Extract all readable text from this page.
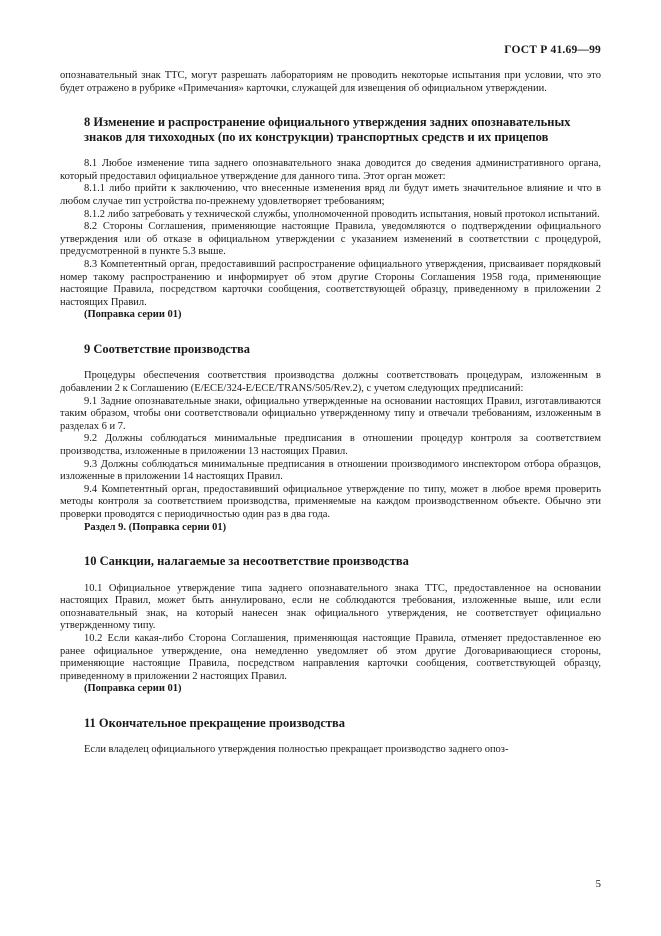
ГОСТ Р 41.69—99

опознавательный знак ТТС, могут разрешать лабораториям не проводить некоторые испытания при условии, что это будет отражено в рубрике «Примечания» карточки, служащей для извещения об официальном утверждении.

8 Изменение и распространение официального утверждения задних опознавательных знаков для тихоходных (по их конструкции) транспортных средств и их прицепов

8.1 Любое изменение типа заднего опознавательного знака доводится до сведения административного органа, который предоставил официальное утверждение для данного типа. Этот орган может:

8.1.1 либо прийти к заключению, что внесенные изменения вряд ли будут иметь значительное влияние и что в любом случае тип устройства по-прежнему удовлетворяет требованиям;

8.1.2 либо затребовать у технической службы, уполномоченной проводить испытания, новый протокол испытаний.

8.2 Стороны Соглашения, применяющие настоящие Правила, уведомляются о подтверждении официального утверждения или об отказе в официальном утверждении с указанием изменений в соответствии с процедурой, предусмотренной в пункте 5.3 выше.

8.3 Компетентный орган, предоставивший распространение официального утверждения, присваивает порядковый номер такому распространению и информирует об этом другие Стороны Соглашения 1958 года, применяющие настоящие Правила, посредством карточки сообщения, соответствующей образцу, приведенному в приложении 2 настоящих Правил.

(Поправка серии 01)

9 Соответствие производства

Процедуры обеспечения соответствия производства должны соответствовать процедурам, изложенным в добавлении 2 к Соглашению (E/ECE/324-E/ECE/TRANS/505/Rev.2), с учетом следующих предписаний:

9.1 Задние опознавательные знаки, официально утвержденные на основании настоящих Правил, изготавливаются таким образом, чтобы они соответствовали официально утвержденному типу и отвечали требованиям, изложенным в разделах 6 и 7.

9.2 Должны соблюдаться минимальные предписания в отношении процедур контроля за соответствием производства, изложенные в приложении 13 настоящих Правил.

9.3 Должны соблюдаться минимальные предписания в отношении производимого инспектором отбора образцов, изложенные в приложении 14 настоящих Правил.

9.4 Компетентный орган, предоставивший официальное утверждение по типу, может в любое время проверить методы контроля за соответствием производства, применяемые на каждом производственном объекте. Обычно эти проверки проводятся с периодичностью один раз в два года.

Раздел 9. (Поправка серии 01)

10 Санкции, налагаемые за несоответствие производства

10.1 Официальное утверждение типа заднего опознавательного знака ТТС, предоставленное на основании настоящих Правил, может быть аннулировано, если не соблюдаются требования, изложенные выше, или если опознавательный знак, на который нанесен знак официального утверждения, не соответствует официально утвержденному типу.

10.2 Если какая-либо Сторона Соглашения, применяющая настоящие Правила, отменяет предоставленное ею ранее официальное утверждение, она немедленно уведомляет об этом другие Договаривающиеся стороны, применяющие настоящие Правила, посредством направления карточки сообщения, соответствующей образцу, приведенному в приложении 2 настоящих Правил.

(Поправка серии 01)

11 Окончательное прекращение производства

Если владелец официального утверждения полностью прекращает производство заднего опоз-

5
